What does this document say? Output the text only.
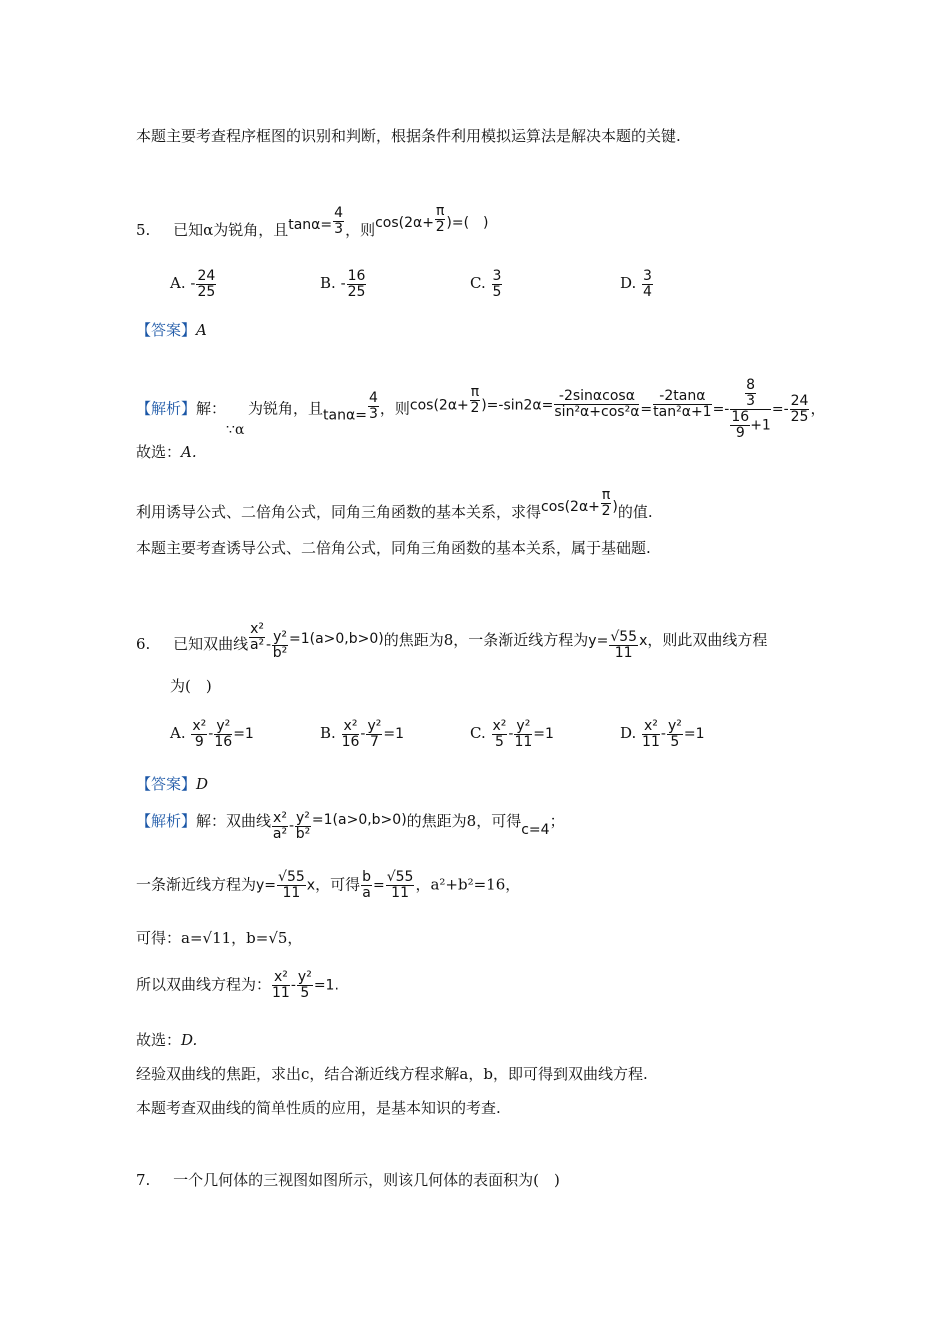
本题主要考查程序框图的识别和判断，根据条件利用模拟运算法是解决本题的关键.
5. 已知α为锐角，且$\tan\alpha= \frac{4}{3}$ ，则$\cos(2\alpha+ \frac{\pi}{2}$ )=(　)
A. - $\frac{24}{25}$	B. - $\frac{16}{25}$	C. $\frac{3}{5}$	D. $\frac{3}{4}$
【答案】A
【解析】解：
∵α
为锐角，且$\tan\alpha= \frac{4}{3}$ ，则$\cos(2\alpha+ \frac{\pi}{2} )=-\sin 2\alpha= \frac{-2\sin\alpha\cos\alpha}{\text{sin²α+cos²α}} = \frac{-2\tan\alpha}{\text{tan²α+1}} =- \frac{\frac{8}{3}}{\frac{16}{9} +1} =- \frac{24}{25}$ ，
故选：A.
利用诱导公式、二倍角公式，同角三角函数的基本关系，求得$\cos(2\alpha+ \frac{\pi}{2}$ )的值.
本题主要考查诱导公式、二倍角公式，同角三角函数的基本关系，属于基础题.
6. 已知双曲线 $\frac{\text{x²}}{\text{a²}} - \frac{\text{y²}}{\text{b²}} =1(a>0,b>0)$的焦距为8，一条渐近线方程为$y= \frac{√55}{11}$ x，则此双曲线方程
为(　)
A. $\frac{\text{x²}}{9} - \frac{\text{y²}}{16} =1$	B. $\frac{\text{x²}}{16} - \frac{\text{y²}}{7} =1$	C. $\frac{\text{x²}}{5} - \frac{\text{y²}}{11} =1$	D. $\frac{\text{x²}}{11} - \frac{\text{y²}}{5} =1$
【答案】D
【解析】解：双曲线 $\frac{\text{x²}}{\text{a²}} - \frac{\text{y²}}{\text{b²}} =1(a>0,b>0)$的焦距为8，可得c=4；
一条渐近线方程为$y= \frac{√55}{11}$ x，可得 $\frac{b}{a} = \frac{√55}{11}$ ，a²+b²=16，
可得：a=√11，b=√5，
所以双曲线方程为： $\frac{\text{x²}}{11} - \frac{\text{y²}}{5} =1$.
故选：D.
经验双曲线的焦距，求出c，结合渐近线方程求解a，b，即可得到双曲线方程.
本题考查双曲线的简单性质的应用，是基本知识的考查.
7. 一个几何体的三视图如图所示，则该几何体的表面积为(　)
